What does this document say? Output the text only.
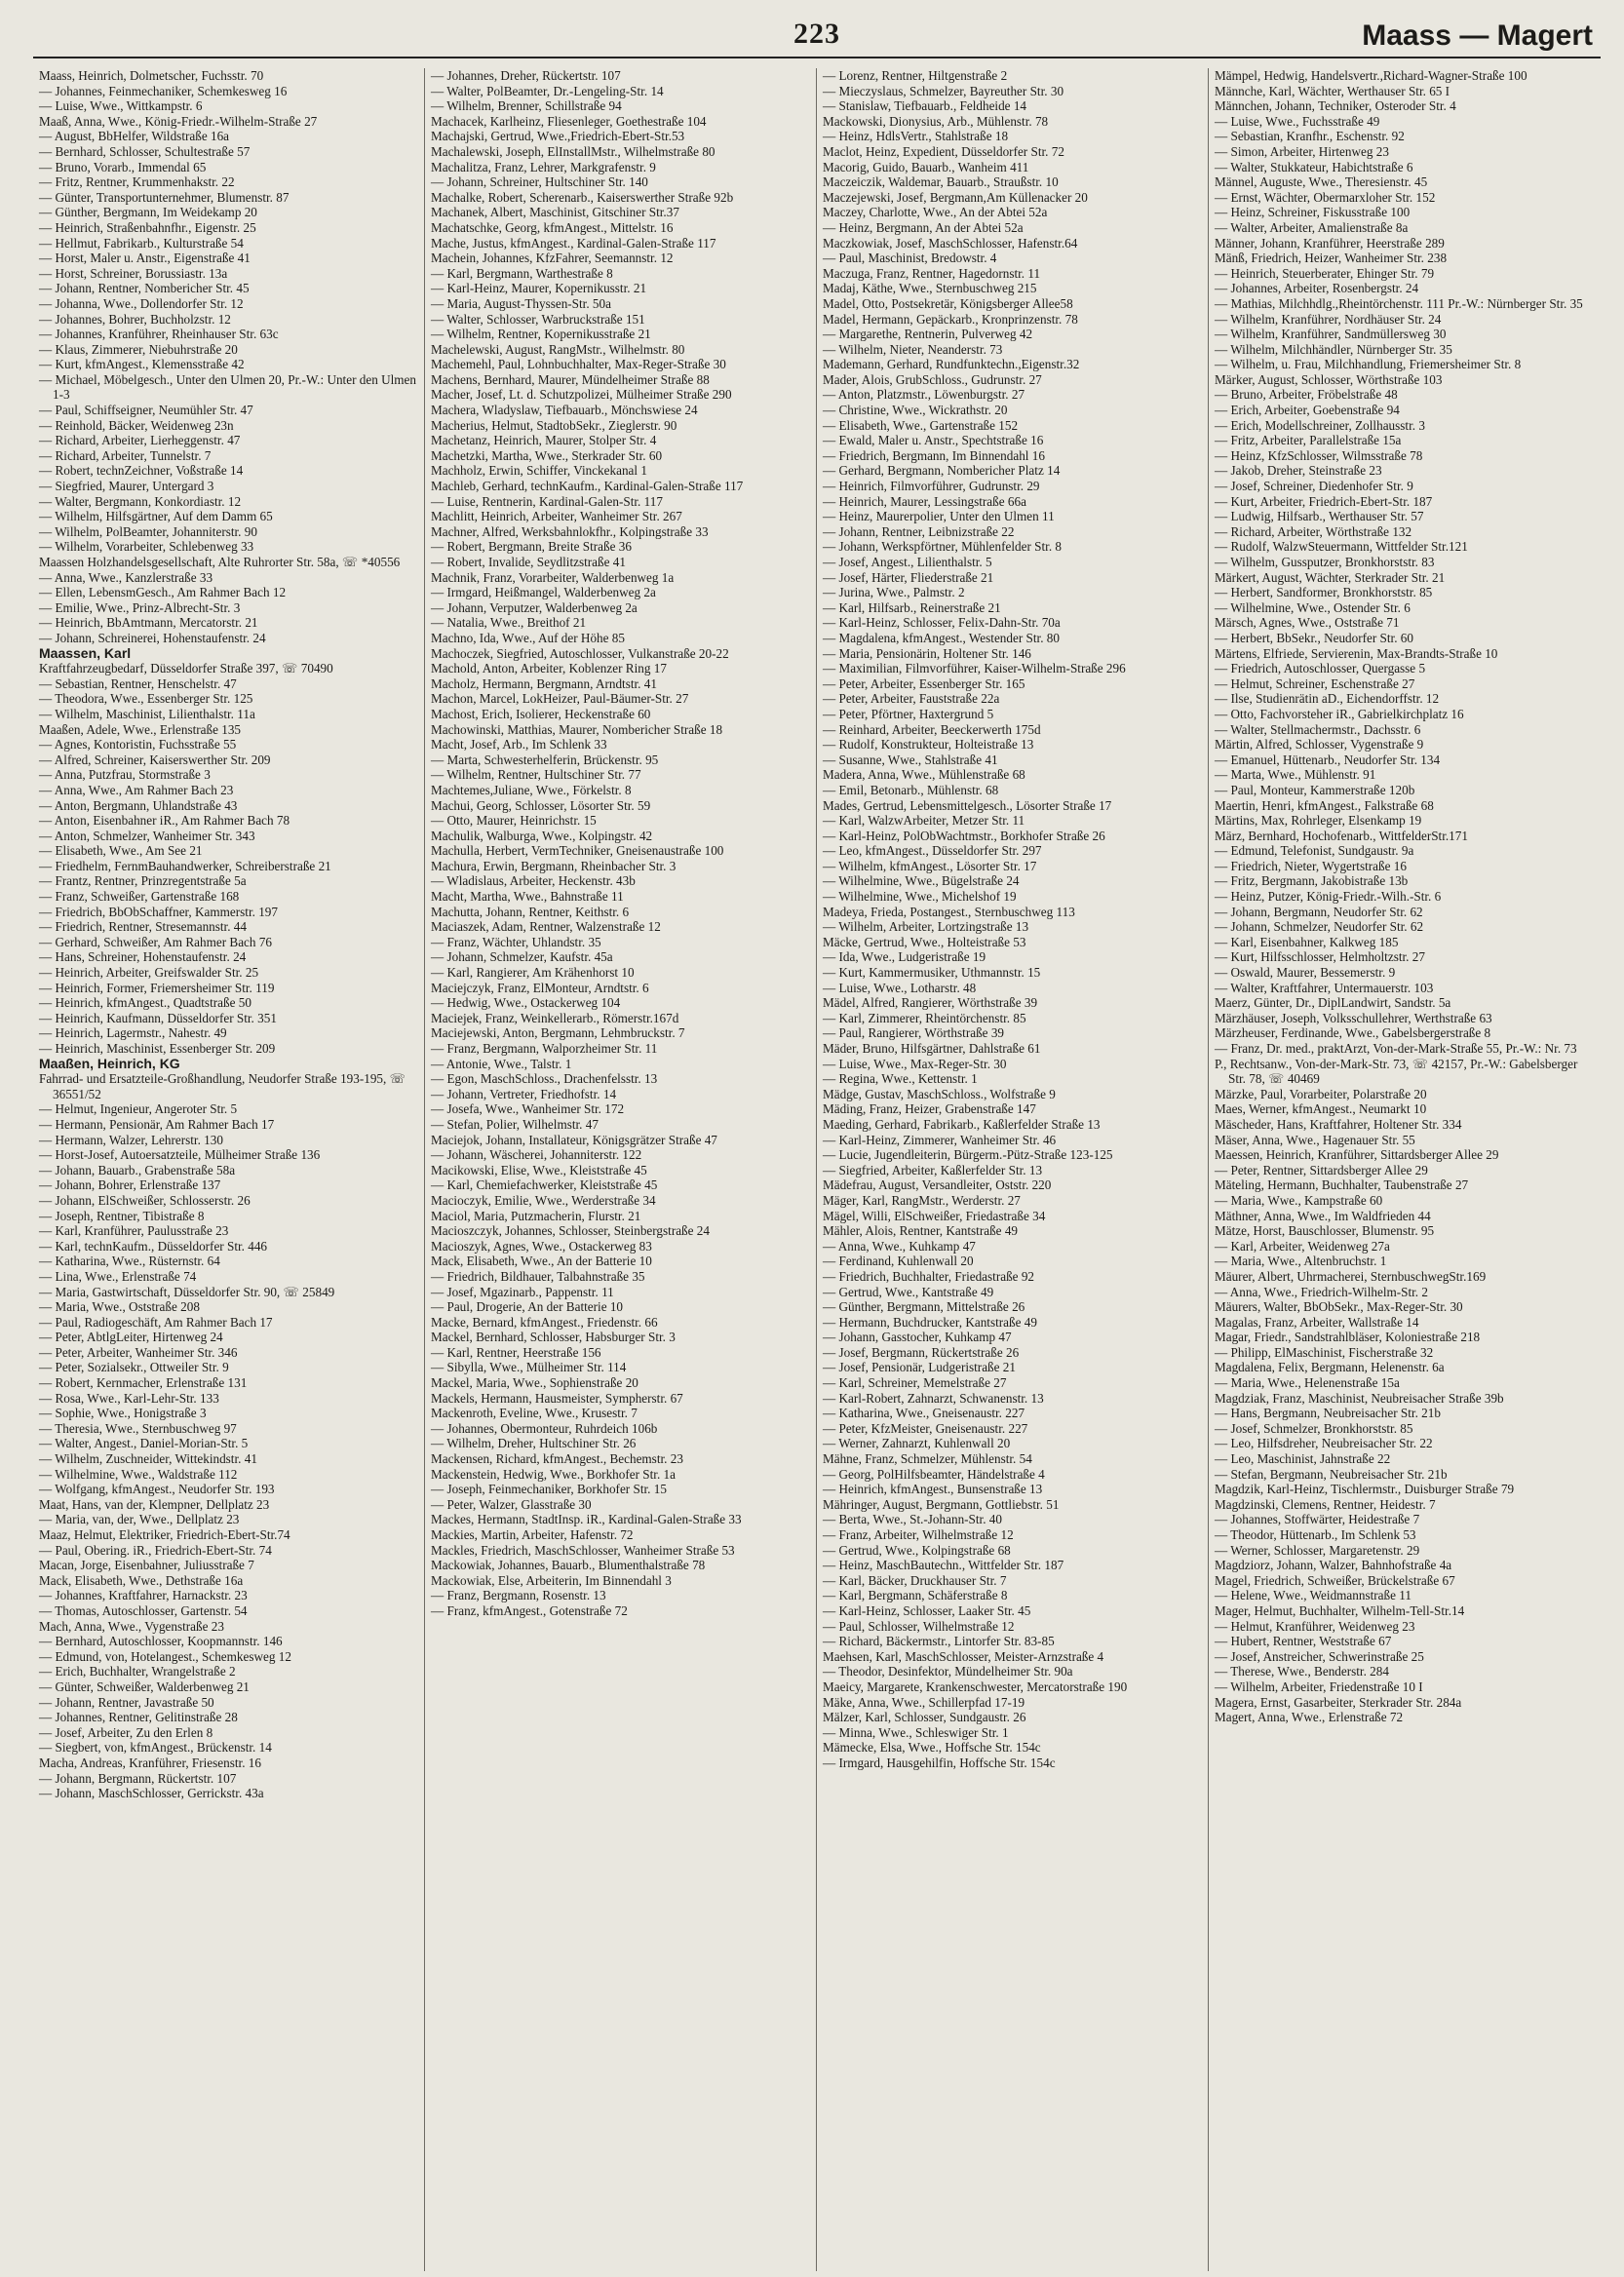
223	Maass — Magert
Maass, Heinrich, Dolmetscher, Fuchsstr. 70
— Johannes, Feinmechaniker, Schemkesweg 16
— Luise, Wwe., Wittkampstr. 6
Maaß, Anna, Wwe., König-Friedr.-Wilhelm-Straße 27
— August, BbHelfer, Wildstraße 16a
— Bernhard, Schlosser, Schultestraße 57
— Bruno, Vorarb., Immendal 65
— Fritz, Rentner, Krummenhakstr. 22
— Günter, Transportunternehmer, Blumenstr. 87
— Günther, Bergmann, Im Weidekamp 20
— Heinrich, Straßenbahnfhr., Eigenstr. 25
— Hellmut, Fabrikarb., Kulturstraße 54
— Horst, Maler u. Anstr., Eigenstraße 41
— Horst, Schreiner, Borussiastr. 13a
— Johann, Rentner, Nombericher Str. 45
— Johanna, Wwe., Dollendorfer Str. 12
— Johannes, Bohrer, Buchholzstr. 12
— Johannes, Kranführer, Rheinhauser Str. 63c
— Klaus, Zimmerer, Niebuhrstraße 20
— Kurt, kfmAngest., Klemensstraße 42
— Michael, Möbelgesch., Unter den Ulmen 20, Pr.-W.: Unter den Ulmen 1-3
— Paul, Schiffseigner, Neumühler Str. 47
— Reinhold, Bäcker, Weidenweg 23n
— Richard, Arbeiter, Lierheggenstr. 47
— Richard, Arbeiter, Tunnelstr. 7
— Robert, technZeichner, Voßstraße 14
— Siegfried, Maurer, Untergard 3
— Walter, Bergmann, Konkordiastr. 12
— Wilhelm, Hilfsgärtner, Auf dem Damm 65
— Wilhelm, PolBeamter, Johanniterstr. 90
— Wilhelm, Vorarbeiter, Schlebenweg 33
Maassen Holzhandelsgesellschaft, Alte Ruhrorter Str. 58a, ☏ *40556
— Anna, Wwe., Kanzlerstraße 33
— Ellen, LebensmGesch., Am Rahmer Bach 12
— Emilie, Wwe., Prinz-Albrecht-Str. 3
— Heinrich, BbAmtmann, Mercatorstr. 21
— Johann, Schreinerei, Hohenstaufenstr. 24
Maassen, Karl
Kraftfahrzeugbedarf, Düsseldorfer Straße 397, ☏ 70490
— Sebastian, Rentner, Henschelstr. 47
— Theodora, Wwe., Essenberger Str. 125
— Wilhelm, Maschinist, Lilienthalstr. 11a
Maaßen, Adele, Wwe., Erlenstraße 135
— Agnes, Kontoristin, Fuchsstraße 55
— Alfred, Schreiner, Kaiserswerther Str. 209
— Anna, Putzfrau, Stormstraße 3
— Anna, Wwe., Am Rahmer Bach 23
— Anton, Bergmann, Uhlandstraße 43
— Anton, Eisenbahner iR., Am Rahmer Bach 78
— Anton, Schmelzer, Wanheimer Str. 343
— Elisabeth, Wwe., Am See 21
— Friedhelm, FernmBauhandwerker, Schreiberstraße 21
— Frantz, Rentner, Prinzregentstraße 5a
— Franz, Schweißer, Gartenstraße 168
— Friedrich, BbObSchaffner, Kammerstr. 197
— Friedrich, Rentner, Stresemannstr. 44
— Gerhard, Schweißer, Am Rahmer Bach 76
— Hans, Schreiner, Hohenstaufenstr. 24
— Heinrich, Arbeiter, Greifswalder Str. 25
— Heinrich, Former, Friemersheimer Str. 119
— Heinrich, kfmAngest., Quadtstraße 50
— Heinrich, Kaufmann, Düsseldorfer Str. 351
— Heinrich, Lagermstr., Nahestr. 49
— Heinrich, Maschinist, Essenberger Str. 209
Maaßen, Heinrich, KG
Fahrrad- und Ersatzteile-Großhandlung, Neudorfer Straße 193-195, ☏ 36551/52
— Helmut, Ingenieur, Angeroter Str. 5
— Hermann, Pensionär, Am Rahmer Bach 17
— Hermann, Walzer, Lehrerstr. 130
— Horst-Josef, Autoersatzteile, Mülheimer Straße 136
— Johann, Bauarb., Grabenstraße 58a
— Johann, Bohrer, Erlenstraße 137
— Johann, ElSchweißer, Schlosserstr. 26
— Joseph, Rentner, Tibistraße 8
— Karl, Kranführer, Paulusstraße 23
— Karl, technKaufm., Düsseldorfer Str. 446
— Katharina, Wwe., Rüsternstr. 64
— Lina, Wwe., Erlenstraße 74
— Maria, Gastwirtschaft, Düsseldorfer Str. 90, ☏ 25849
— Maria, Wwe., Oststraße 208
— Paul, Radiogeschäft, Am Rahmer Bach 17
— Peter, AbtlgLeiter, Hirtenweg 24
— Peter, Arbeiter, Wanheimer Str. 346
— Peter, Sozialsekr., Ottweiler Str. 9
— Robert, Kernmacher, Erlenstraße 131
— Rosa, Wwe., Karl-Lehr-Str. 133
— Sophie, Wwe., Honigstraße 3
— Theresia, Wwe., Sternbuschweg 97
— Walter, Angest., Daniel-Morian-Str. 5
— Wilhelm, Zuschneider, Wittekindstr. 41
— Wilhelmine, Wwe., Waldstraße 112
— Wolfgang, kfmAngest., Neudorfer Str. 193
Maat, Hans, van der, Klempner, Dellplatz 23
— Maria, van, der, Wwe., Dellplatz 23
Maaz, Helmut, Elektriker, Friedrich-Ebert-Str.74
— Paul, Obering. iR., Friedrich-Ebert-Str. 74
Macan, Jorge, Eisenbahner, Juliusstraße 7
Mack, Elisabeth, Wwe., Dethstraße 16a
— Johannes, Kraftfahrer, Harnackstr. 23
— Thomas, Autoschlosser, Gartenstr. 54
Mach, Anna, Wwe., Vygenstraße 23
— Bernhard, Autoschlosser, Koopmannstr. 146
— Edmund, von, Hotelangest., Schemkesweg 12
— Erich, Buchhalter, Wrangelstraße 2
— Günter, Schweißer, Walderbenweg 21
— Johann, Rentner, Javastraße 50
— Johannes, Rentner, Gelitinstraße 28
— Josef, Arbeiter, Zu den Erlen 8
— Siegbert, von, kfmAngest., Brückenstr. 14
Macha, Andreas, Kranführer, Friesenstr. 16
— Johann, Bergmann, Rückertstr. 107
— Johann, MaschSchlosser, Gerrickstr. 43a
— Johannes, Dreher, Rückertstr. 107
— Walter, PolBeamter, Dr.-Lengeling-Str. 14
— Wilhelm, Brenner, Schillstraße 94
Machacek, Karlheinz, Fliesenleger, Goethestraße 104
Machajski, Gertrud, Wwe.,Friedrich-Ebert-Str.53
Machalewski, Joseph, ElInstallMstr., Wilhelmstraße 80
Machalitza, Franz, Lehrer, Markgrafenstr. 9
— Johann, Schreiner, Hultschiner Str. 140
Machalke, Robert, Scherenarb., Kaiserswerther Straße 92b
Machanek, Albert, Maschinist, Gitschiner Str.37
Machatschke, Georg, kfmAngest., Mittelstr. 16
Mache, Justus, kfmAngest., Kardinal-Galen-Straße 117
Machein, Johannes, KfzFahrer, Seemannstr. 12
— Karl, Bergmann, Warthestraße 8
— Karl-Heinz, Maurer, Kopernikusstr. 21
— Maria, August-Thyssen-Str. 50a
— Walter, Schlosser, Warbruckstraße 151
— Wilhelm, Rentner, Kopernikusstraße 21
Machelewski, August, RangMstr., Wilhelmstr. 80
Machemehl, Paul, Lohnbuchhalter, Max-Reger-Straße 30
Machens, Bernhard, Maurer, Mündelheimer Straße 88
Macher, Josef, Lt. d. Schutzpolizei, Mülheimer Straße 290
Machera, Wladyslaw, Tiefbauarb., Mönchswiese 24
Macherius, Helmut, StadtobSekr., Zieglerstr. 90
Machetanz, Heinrich, Maurer, Stolper Str. 4
Machetzki, Martha, Wwe., Sterkrader Str. 60
Machholz, Erwin, Schiffer, Vinckekanal 1
Machleb, Gerhard, technKaufm., Kardinal-Galen-Straße 117
— Luise, Rentnerin, Kardinal-Galen-Str. 117
Machlitt, Heinrich, Arbeiter, Wanheimer Str. 267
Machner, Alfred, Werksbahnlokfhr., Kolpingstraße 33
— Robert, Bergmann, Breite Straße 36
— Robert, Invalide, Seydlitzstraße 41
Machnik, Franz, Vorarbeiter, Walderbenweg 1a
— Irmgard, Heißmangel, Walderbenweg 2a
— Johann, Verputzer, Walderbenweg 2a
— Natalia, Wwe., Breithof 21
Machno, Ida, Wwe., Auf der Höhe 85
Machoczek, Siegfried, Autoschlosser, Vulkanstraße 20-22
Machold, Anton, Arbeiter, Koblenzer Ring 17
Macholz, Hermann, Bergmann, Arndtstr. 41
Machon, Marcel, LokHeizer, Paul-Bäumer-Str. 27
Machost, Erich, Isolierer, Heckenstraße 60
Machowinski, Matthias, Maurer, Nombericher Straße 18
Macht, Josef, Arb., Im Schlenk 33
— Marta, Schwesterhelferin, Brückenstr. 95
— Wilhelm, Rentner, Hultschiner Str. 77
Machtemes,Juliane, Wwe., Förkelstr. 8
Machui, Georg, Schlosser, Lösorter Str. 59
— Otto, Maurer, Heinrichstr. 15
Machulik, Walburga, Wwe., Kolpingstr. 42
Machulla, Herbert, VermTechniker, Gneisenaustraße 100
Machura, Erwin, Bergmann, Rheinbacher Str. 3
— Wladislaus, Arbeiter, Heckenstr. 43b
Macht, Martha, Wwe., Bahnstraße 11
Machutta, Johann, Rentner, Keithstr. 6
Maciaszek, Adam, Rentner, Walzenstraße 12
— Franz, Wächter, Uhlandstr. 35
— Johann, Schmelzer, Kaufstr. 45a
— Karl, Rangierer, Am Krähenhorst 10
Maciejczyk, Franz, ElMonteur, Arndtstr. 6
— Hedwig, Wwe., Ostackerweg 104
Maciejek, Franz, Weinkellerarb., Römerstr.167d
Maciejewski, Anton, Bergmann, Lehmbruckstr. 7
— Franz, Bergmann, Walporzheimer Str. 11
— Antonie, Wwe., Talstr. 1
— Egon, MaschSchloss., Drachenfelsstr. 13
— Johann, Vertreter, Friedhofstr. 14
— Josefa, Wwe., Wanheimer Str. 172
— Stefan, Polier, Wilhelmstr. 47
Maciejok, Johann, Installateur, Königsgrätzer Straße 47
— Johann, Wäscherei, Johanniterstr. 122
Macikowski, Elise, Wwe., Kleiststraße 45
— Karl, Chemiefachwerker, Kleiststraße 45
Macioczyk, Emilie, Wwe., Werderstraße 34
Maciol, Maria, Putzmacherin, Flurstr. 21
Macioszczyk, Johannes, Schlosser, Steinbergstraße 24
Macioszyk, Agnes, Wwe., Ostackerweg 83
Mack, Elisabeth, Wwe., An der Batterie 10
— Friedrich, Bildhauer, Talbahnstraße 35
— Josef, Mgazinarb., Pappenstr. 11
— Paul, Drogerie, An der Batterie 10
Macke, Bernard, kfmAngest., Friedenstr. 66
Mackel, Bernhard, Schlosser, Habsburger Str. 3
— Karl, Rentner, Heerstraße 156
— Sibylla, Wwe., Mülheimer Str. 114
Mackel, Maria, Wwe., Sophienstraße 20
Mackels, Hermann, Hausmeister, Sympherstr. 67
Mackenroth, Eveline, Wwe., Krusestr. 7
— Johannes, Obermonteur, Ruhrdeich 106b
— Wilhelm, Dreher, Hultschiner Str. 26
Mackensen, Richard, kfmAngest., Bechemstr. 23
Mackenstein, Hedwig, Wwe., Borkhofer Str. 1a
— Joseph, Feinmechaniker, Borkhofer Str. 15
— Peter, Walzer, Glasstraße 30
Mackes, Hermann, StadtInsp. iR., Kardinal-Galen-Straße 33
Mackies, Martin, Arbeiter, Hafenstr. 72
Mackles, Friedrich, MaschSchlosser, Wanheimer Straße 53
Mackowiak, Johannes, Bauarb., Blumenthalstraße 78
Mackowiak, Else, Arbeiterin, Im Binnendahl 3
— Franz, Bergmann, Rosenstr. 13
— Franz, kfmAngest., Gotenstraße 72
— Lorenz, Rentner, Hiltgenstraße 2
— Mieczyslaus, Schmelzer, Bayreuther Str. 30
— Stanislaw, Tiefbauarb., Feldheide 14
Mackowski, Dionysius, Arb., Mühlenstr. 78
— Heinz, HdlsVertr., Stahlstraße 18
Maclot, Heinz, Expedient, Düsseldorfer Str. 72
Macorig, Guido, Bauarb., Wanheim 411
Maczeiczik, Waldemar, Bauarb., Straußstr. 10
Maczejewski, Josef, Bergmann,Am Küllenacker 20
Maczey, Charlotte, Wwe., An der Abtei 52a
— Heinz, Bergmann, An der Abtei 52a
Maczkowiak, Josef, MaschSchlosser, Hafenstr.64
— Paul, Maschinist, Bredowstr. 4
Maczuga, Franz, Rentner, Hagedornstr. 11
Madaj, Käthe, Wwe., Sternbuschweg 215
Madel, Otto, Postsekretär, Königsberger Allee58
Madel, Hermann, Gepäckarb., Kronprinzenstr. 78
— Margarethe, Rentnerin, Pulverweg 42
— Wilhelm, Nieter, Neanderstr. 73
Mademann, Gerhard, Rundfunktechn.,Eigenstr.32
Mader, Alois, GrubSchloss., Gudrunstr. 27
— Anton, Platzmstr., Löwenburgstr. 27
— Christine, Wwe., Wickrathstr. 20
— Elisabeth, Wwe., Gartenstraße 152
— Ewald, Maler u. Anstr., Spechtstraße 16
— Friedrich, Bergmann, Im Binnendahl 16
— Gerhard, Bergmann, Nombericher Platz 14
— Heinrich, Filmvorführer, Gudrunstr. 29
— Heinrich, Maurer, Lessingstraße 66a
— Heinz, Maurerpolier, Unter den Ulmen 11
— Johann, Rentner, Leibnizstraße 22
— Johann, Werkspförtner, Mühlenfelder Str. 8
— Josef, Angest., Lilienthalstr. 5
— Josef, Härter, Fliederstraße 21
— Jurina, Wwe., Palmstr. 2
— Karl, Hilfsarb., Reinerstraße 21
— Karl-Heinz, Schlosser, Felix-Dahn-Str. 70a
— Magdalena, kfmAngest., Westender Str. 80
— Maria, Pensionärin, Holtener Str. 146
— Maximilian, Filmvorführer, Kaiser-Wilhelm-Straße 296
— Peter, Arbeiter, Essenberger Str. 165
— Peter, Arbeiter, Fauststraße 22a
— Peter, Pförtner, Haxtergrund 5
— Reinhard, Arbeiter, Beeckerwerth 175d
— Rudolf, Konstrukteur, Holteistraße 13
— Susanne, Wwe., Stahlstraße 41
Madera, Anna, Wwe., Mühlenstraße 68
— Emil, Betonarb., Mühlenstr. 68
Mades, Gertrud, Lebensmittelgesch., Lösorter Straße 17
— Karl, WalzwArbeiter, Metzer Str. 11
— Karl-Heinz, PolObWachtmstr., Borkhofer Straße 26
— Leo, kfmAngest., Düsseldorfer Str. 297
— Wilhelm, kfmAngest., Lösorter Str. 17
— Wilhelmine, Wwe., Bügelstraße 24
— Wilhelmine, Wwe., Michelshof 19
Madeya, Frieda, Postangest., Sternbuschweg 113
— Wilhelm, Arbeiter, Lortzingstraße 13
Mäcke, Gertrud, Wwe., Holteistraße 53
— Ida, Wwe., Ludgeristraße 19
— Kurt, Kammermusiker, Uthmannstr. 15
— Luise, Wwe., Lotharstr. 48
Mädel, Alfred, Rangierer, Wörthstraße 39
— Karl, Zimmerer, Rheintörchenstr. 85
— Paul, Rangierer, Wörthstraße 39
Mäder, Bruno, Hilfsgärtner, Dahlstraße 61
— Luise, Wwe., Max-Reger-Str. 30
— Regina, Wwe., Kettenstr. 1
Mädge, Gustav, MaschSchloss., Wolfstraße 9
Mäding, Franz, Heizer, Grabenstraße 147
Maeding, Gerhard, Fabrikarb., Kaßlerfelder Straße 13
— Karl-Heinz, Zimmerer, Wanheimer Str. 46
— Lucie, Jugendleiterin, Bürgerm.-Pütz-Straße 123-125
— Siegfried, Arbeiter, Kaßlerfelder Str. 13
Mädefrau, August, Versandleiter, Oststr. 220
Mäger, Karl, RangMstr., Werderstr. 27
Mägel, Willi, ElSchweißer, Friedastraße 34
Mähler, Alois, Rentner, Kantstraße 49
— Anna, Wwe., Kuhkamp 47
— Ferdinand, Kuhlenwall 20
— Friedrich, Buchhalter, Friedastraße 92
— Gertrud, Wwe., Kantstraße 49
— Günther, Bergmann, Mittelstraße 26
— Hermann, Buchdrucker, Kantstraße 49
— Johann, Gasstocher, Kuhkamp 47
— Josef, Bergmann, Rückertstraße 26
— Josef, Pensionär, Ludgeristraße 21
— Karl, Schreiner, Memelstraße 27
— Karl-Robert, Zahnarzt, Schwanenstr. 13
— Katharina, Wwe., Gneisenaustr. 227
— Peter, KfzMeister, Gneisenaustr. 227
— Werner, Zahnarzt, Kuhlenwall 20
Mähne, Franz, Schmelzer, Mühlenstr. 54
— Georg, PolHilfsbeamter, Händelstraße 4
— Heinrich, kfmAngest., Bunsenstraße 13
Mähringer, August, Bergmann, Gottliebstr. 51
— Berta, Wwe., St.-Johann-Str. 40
— Franz, Arbeiter, Wilhelmstraße 12
— Gertrud, Wwe., Kolpingstraße 68
— Heinz, MaschBautechn., Wittfelder Str. 187
— Karl, Bäcker, Druckhauser Str. 7
— Karl, Bergmann, Schäferstraße 8
— Karl-Heinz, Schlosser, Laaker Str. 45
— Paul, Schlosser, Wilhelmstraße 12
— Richard, Bäckermstr., Lintorfer Str. 83-85
Maehsen, Karl, MaschSchlosser, Meister-Arnzstraße 4
— Theodor, Desinfektor, Mündelheimer Str. 90a
Maeicy, Margarete, Krankenschwester, Mercatorstraße 190
Mäke, Anna, Wwe., Schillerpfad 17-19
Mälzer, Karl, Schlosser, Sundgaustr. 26
— Minna, Wwe., Schleswiger Str. 1
Mämecke, Elsa, Wwe., Hoffsche Str. 154c
— Irmgard, Hausgehilfin, Hoffsche Str. 154c
Mämpel, Hedwig, Handelsvertr.,Richard-Wagner-Straße 100
Männche, Karl, Wächter, Werthauser Str. 65 I
Männchen, Johann, Techniker, Osteroder Str. 4
— Luise, Wwe., Fuchsstraße 49
— Sebastian, Kranfhr., Eschenstr. 92
— Simon, Arbeiter, Hirtenweg 23
— Walter, Stukkateur, Habichtstraße 6
Männel, Auguste, Wwe., Theresienstr. 45
— Ernst, Wächter, Obermarxloher Str. 152
— Heinz, Schreiner, Fiskusstraße 100
— Walter, Arbeiter, Amalienstraße 8a
Männer, Johann, Kranführer, Heerstraße 289
Mänß, Friedrich, Heizer, Wanheimer Str. 238
— Heinrich, Steuerberater, Ehinger Str. 79
— Johannes, Arbeiter, Rosenbergstr. 24
— Mathias, Milchhdlg.,Rheintörchenstr. 111 Pr.-W.: Nürnberger Str. 35
— Wilhelm, Kranführer, Nordhäuser Str. 24
— Wilhelm, Kranführer, Sandmüllersweg 30
— Wilhelm, Milchhändler, Nürnberger Str. 35
— Wilhelm, u. Frau, Milchhandlung, Friemersheimer Str. 8
Märker, August, Schlosser, Wörthstraße 103
— Bruno, Arbeiter, Fröbelstraße 48
— Erich, Arbeiter, Goebenstraße 94
— Erich, Modellschreiner, Zollhausstr. 3
— Fritz, Arbeiter, Parallelstraße 15a
— Heinz, KfzSchlosser, Wilmsstraße 78
— Jakob, Dreher, Steinstraße 23
— Josef, Schreiner, Diedenhofer Str. 9
— Kurt, Arbeiter, Friedrich-Ebert-Str. 187
— Ludwig, Hilfsarb., Werthauser Str. 57
— Richard, Arbeiter, Wörthstraße 132
— Rudolf, WalzwSteuermann, Wittfelder Str.121
— Wilhelm, Gussputzer, Bronkhorststr. 83
Märkert, August, Wächter, Sterkrader Str. 21
— Herbert, Sandformer, Bronkhorststr. 85
— Wilhelmine, Wwe., Ostender Str. 6
Märsch, Agnes, Wwe., Oststraße 71
— Herbert, BbSekr., Neudorfer Str. 60
Märtens, Elfriede, Servierenin, Max-Brandts-Straße 10
— Friedrich, Autoschlosser, Quergasse 5
— Helmut, Schreiner, Eschenstraße 27
— Ilse, Studienrätin aD., Eichendorffstr. 12
— Otto, Fachvorsteher iR., Gabrielkirchplatz 16
— Walter, Stellmachermstr., Dachsstr. 6
Märtin, Alfred, Schlosser, Vygenstraße 9
— Emanuel, Hüttenarb., Neudorfer Str. 134
— Marta, Wwe., Mühlenstr. 91
— Paul, Monteur, Kammerstraße 120b
Maertin, Henri, kfmAngest., Falkstraße 68
Märtins, Max, Rohrleger, Elsenkamp 19
März, Bernhard, Hochofenarb., WittfelderStr.171
— Edmund, Telefonist, Sundgaustr. 9a
— Friedrich, Nieter, Wygertstraße 16
— Fritz, Bergmann, Jakobistraße 13b
— Heinz, Putzer, König-Friedr.-Wilh.-Str. 6
— Johann, Bergmann, Neudorfer Str. 62
— Johann, Schmelzer, Neudorfer Str. 62
— Karl, Eisenbahner, Kalkweg 185
— Kurt, Hilfsschlosser, Helmholtzstr. 27
— Oswald, Maurer, Bessemerstr. 9
— Walter, Kraftfahrer, Untermauerstr. 103
Maerz, Günter, Dr., DiplLandwirt, Sandstr. 5a
Märzhäuser, Joseph, Volksschullehrer, Werthstraße 63
Märzheuser, Ferdinande, Wwe., Gabelsbergerstraße 8
— Franz, Dr. med., praktArzt, Von-der-Mark-Straße 55, Pr.-W.: Nr. 73
P., Rechtsanw., Von-der-Mark-Str. 73, ☏ 42157, Pr.-W.: Gabelsberger Str. 78, ☏ 40469
Märzke, Paul, Vorarbeiter, Polarstraße 20
Maes, Werner, kfmAngest., Neumarkt 10
Mäscheder, Hans, Kraftfahrer, Holtener Str. 334
Mäser, Anna, Wwe., Hagenauer Str. 55
Maessen, Heinrich, Kranführer, Sittardsberger Allee 29
— Peter, Rentner, Sittardsberger Allee 29
Mäteling, Hermann, Buchhalter, Taubenstraße 27
— Maria, Wwe., Kampstraße 60
Mäthner, Anna, Wwe., Im Waldfrieden 44
Mätze, Horst, Bauschlosser, Blumenstr. 95
— Karl, Arbeiter, Weidenweg 27a
— Maria, Wwe., Altenbruchstr. 1
Mäurer, Albert, Uhrmacherei, SternbuschwegStr.169
— Anna, Wwe., Friedrich-Wilhelm-Str. 2
Mäurers, Walter, BbObSekr., Max-Reger-Str. 30
Magalas, Franz, Arbeiter, Wallstraße 14
Magar, Friedr., Sandstrahlbläser, Koloniestraße 218
— Philipp, ElMaschinist, Fischerstraße 32
Magdalena, Felix, Bergmann, Helenenstr. 6a
— Maria, Wwe., Helenenstraße 15a
Magdziak, Franz, Maschinist, Neubreisacher Straße 39b
— Hans, Bergmann, Neubreisacher Str. 21b
— Josef, Schmelzer, Bronkhorststr. 85
— Leo, Hilfsdreher, Neubreisacher Str. 22
— Leo, Maschinist, Jahnstraße 22
— Stefan, Bergmann, Neubreisacher Str. 21b
Magdzik, Karl-Heinz, Tischlermstr., Duisburger Straße 79
Magdzinski, Clemens, Rentner, Heidestr. 7
— Johannes, Stoffwärter, Heidestraße 7
— Theodor, Hüttenarb., Im Schlenk 53
— Werner, Schlosser, Margaretenstr. 29
Magdziorz, Johann, Walzer, Bahnhofstraße 4a
Magel, Friedrich, Schweißer, Brückelstraße 67
— Helene, Wwe., Weidmannstraße 11
Mager, Helmut, Buchhalter, Wilhelm-Tell-Str.14
— Helmut, Kranführer, Weidenweg 23
— Hubert, Rentner, Weststraße 67
— Josef, Anstreicher, Schwerinstraße 25
— Therese, Wwe., Benderstr. 284
— Wilhelm, Arbeiter, Friedenstraße 10 I
Magera, Ernst, Gasarbeiter, Sterkrader Str. 284a
Magert, Anna, Wwe., Erlenstraße 72
